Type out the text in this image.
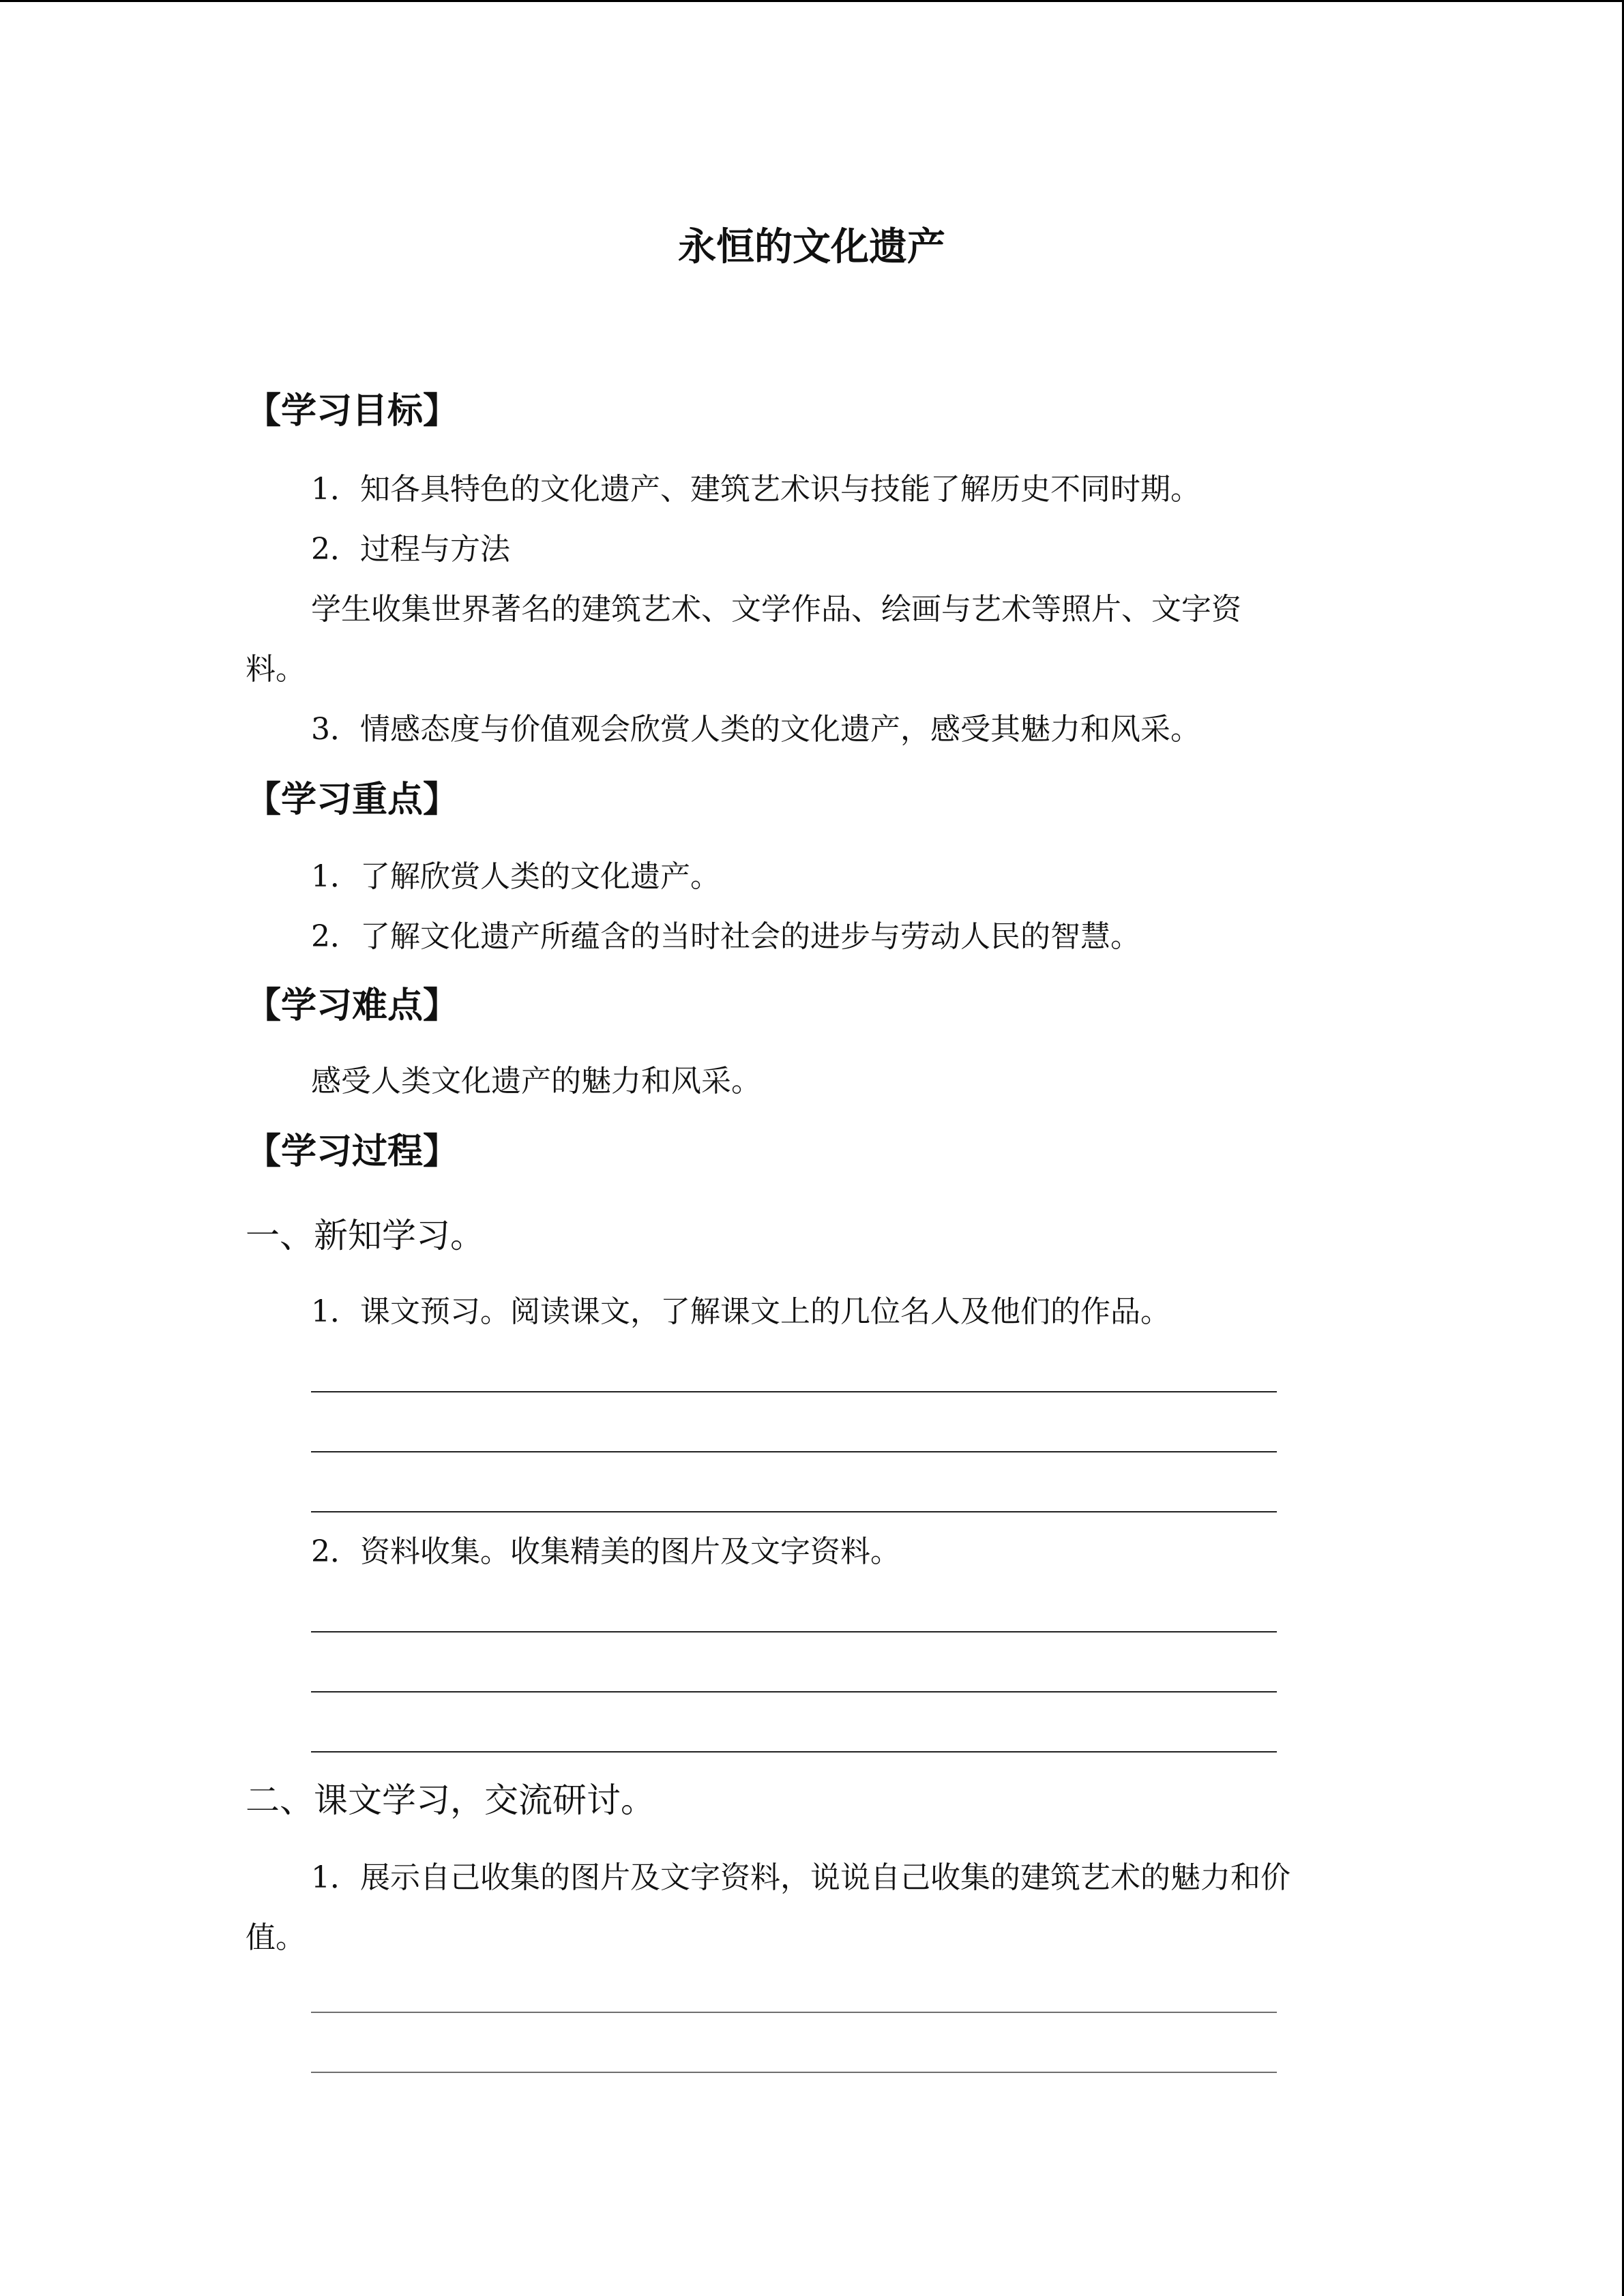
永恒的文化遗产
【学习目标】
1．知各具特色的文化遗产、建筑艺术识与技能了解历史不同时期。
2．过程与方法
学生收集世界著名的建筑艺术、文学作品、绘画与艺术等照片、文字资
料。
3．情感态度与价值观会欣赏人类的文化遗产，感受其魅力和风采。
【学习重点】
1．了解欣赏人类的文化遗产。
2．了解文化遗产所蕴含的当时社会的进步与劳动人民的智慧。
【学习难点】
感受人类文化遗产的魅力和风采。
【学习过程】
一、新知学习。
1．课文预习。阅读课文，了解课文上的几位名人及他们的作品。
2．资料收集。收集精美的图片及文字资料。
二、课文学习，交流研讨。
1．展示自己收集的图片及文字资料，说说自己收集的建筑艺术的魅力和价
值。
